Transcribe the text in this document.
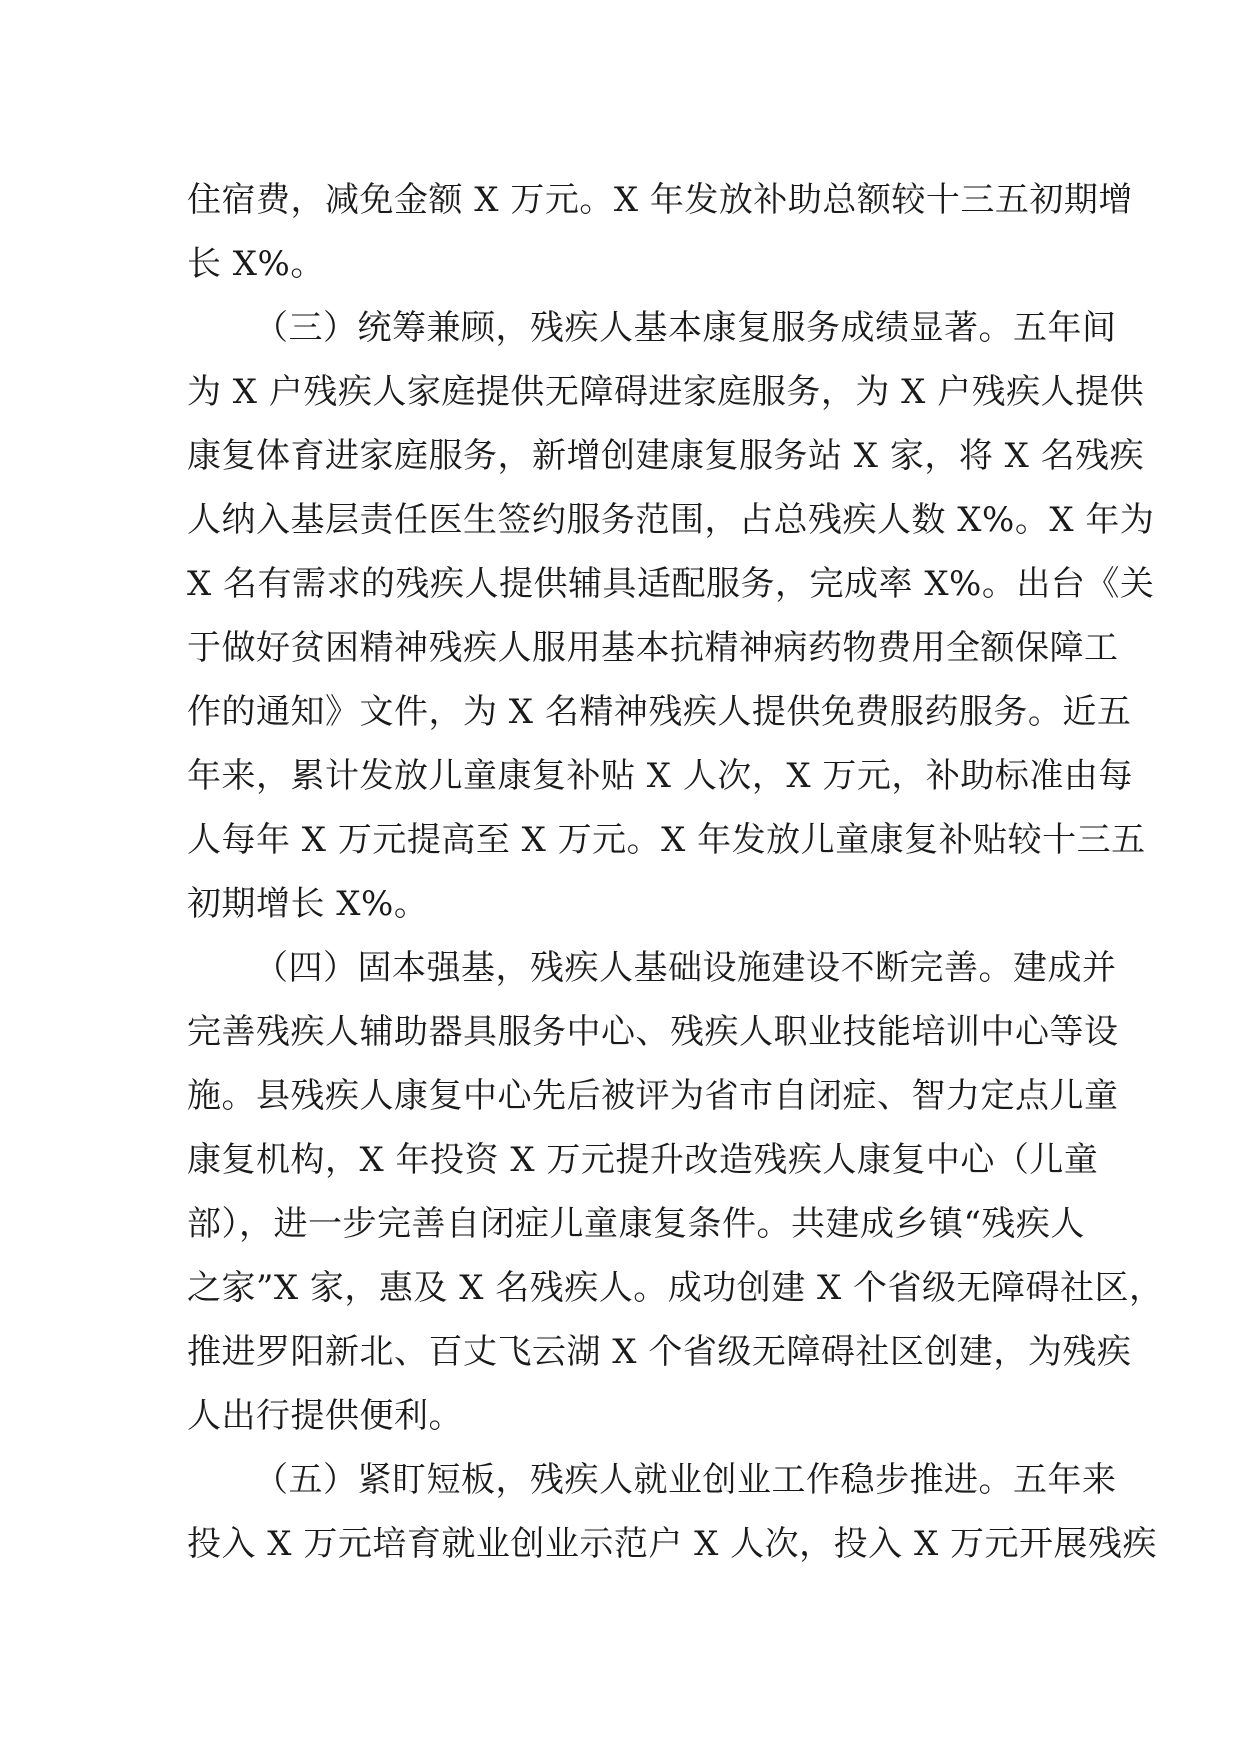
住宿费，减免金额 X 万元。X 年发放补助总额较十三五初期增
长 X%。
（三）统筹兼顾，残疾人基本康复服务成绩显著。五年间
为 X 户残疾人家庭提供无障碍进家庭服务，为 X 户残疾人提供
康复体育进家庭服务，新增创建康复服务站 X 家，将 X 名残疾
人纳入基层责任医生签约服务范围，占总残疾人数 X%。X 年为
X 名有需求的残疾人提供辅具适配服务，完成率 X%。出台《关
于做好贫困精神残疾人服用基本抗精神病药物费用全额保障工
作的通知》文件，为 X 名精神残疾人提供免费服药服务。近五
年来，累计发放儿童康复补贴 X 人次，X 万元，补助标准由每
人每年 X 万元提高至 X 万元。X 年发放儿童康复补贴较十三五
初期增长 X%。
（四）固本强基，残疾人基础设施建设不断完善。建成并
完善残疾人辅助器具服务中心、残疾人职业技能培训中心等设
施。县残疾人康复中心先后被评为省市自闭症、智力定点儿童
康复机构，X 年投资 X 万元提升改造残疾人康复中心（儿童
部），进一步完善自闭症儿童康复条件。共建成乡镇“残疾人
之家”X 家，惠及 X 名残疾人。成功创建 X 个省级无障碍社区，
推进罗阳新北、百丈飞云湖 X 个省级无障碍社区创建，为残疾
人出行提供便利。
（五）紧盯短板，残疾人就业创业工作稳步推进。五年来
投入 X 万元培育就业创业示范户 X 人次，投入 X 万元开展残疾
